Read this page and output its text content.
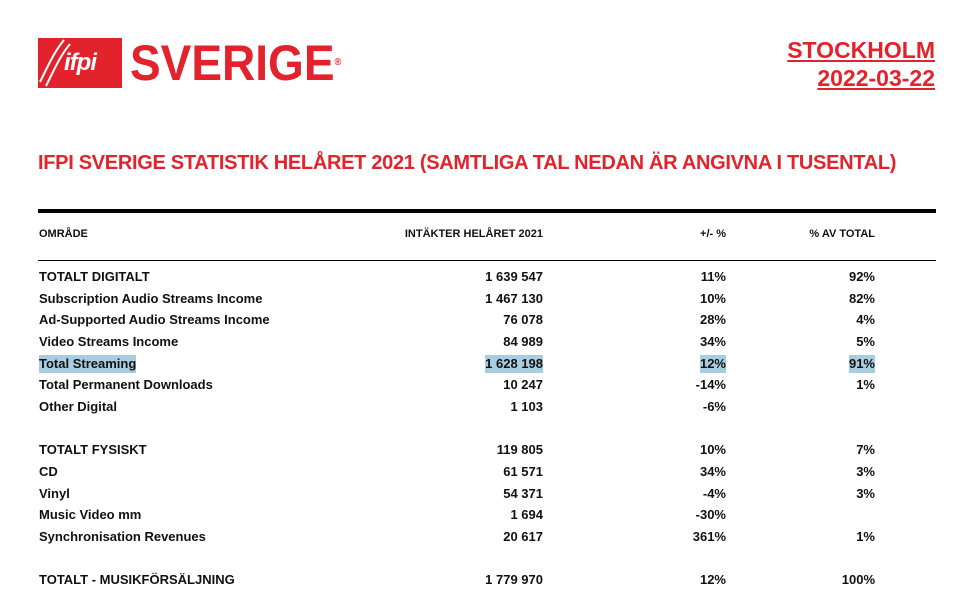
ifpi SVERIGE®	STOCKHOLM
2022-03-22
IFPI SVERIGE STATISTIK HELÅRET 2021 (SAMTLIGA TAL NEDAN ÄR ANGIVNA I TUSENTAL)
OMRÅDE	INTÄKTER HELÅRET 2021	+/- %	% AV TOTAL
TOTALT DIGITALT	1 639 547	11%	92%
Subscription Audio Streams Income	1 467 130	10%	82%
Ad-Supported Audio Streams Income	76 078	28%	4%
Video Streams Income	84 989	34%	5%
Total Streaming	1 628 198	12%	91%
Total Permanent Downloads	10 247	-14%	1%
Other Digital	1 103	-6%
TOTALT FYSISKT	119 805	10%	7%
CD	61 571	34%	3%
Vinyl	54 371	-4%	3%
Music Video mm	1 694	-30%
Synchronisation Revenues	20 617	361%	1%
TOTALT - MUSIKFÖRSÄLJNING	1 779 970	12%	100%
